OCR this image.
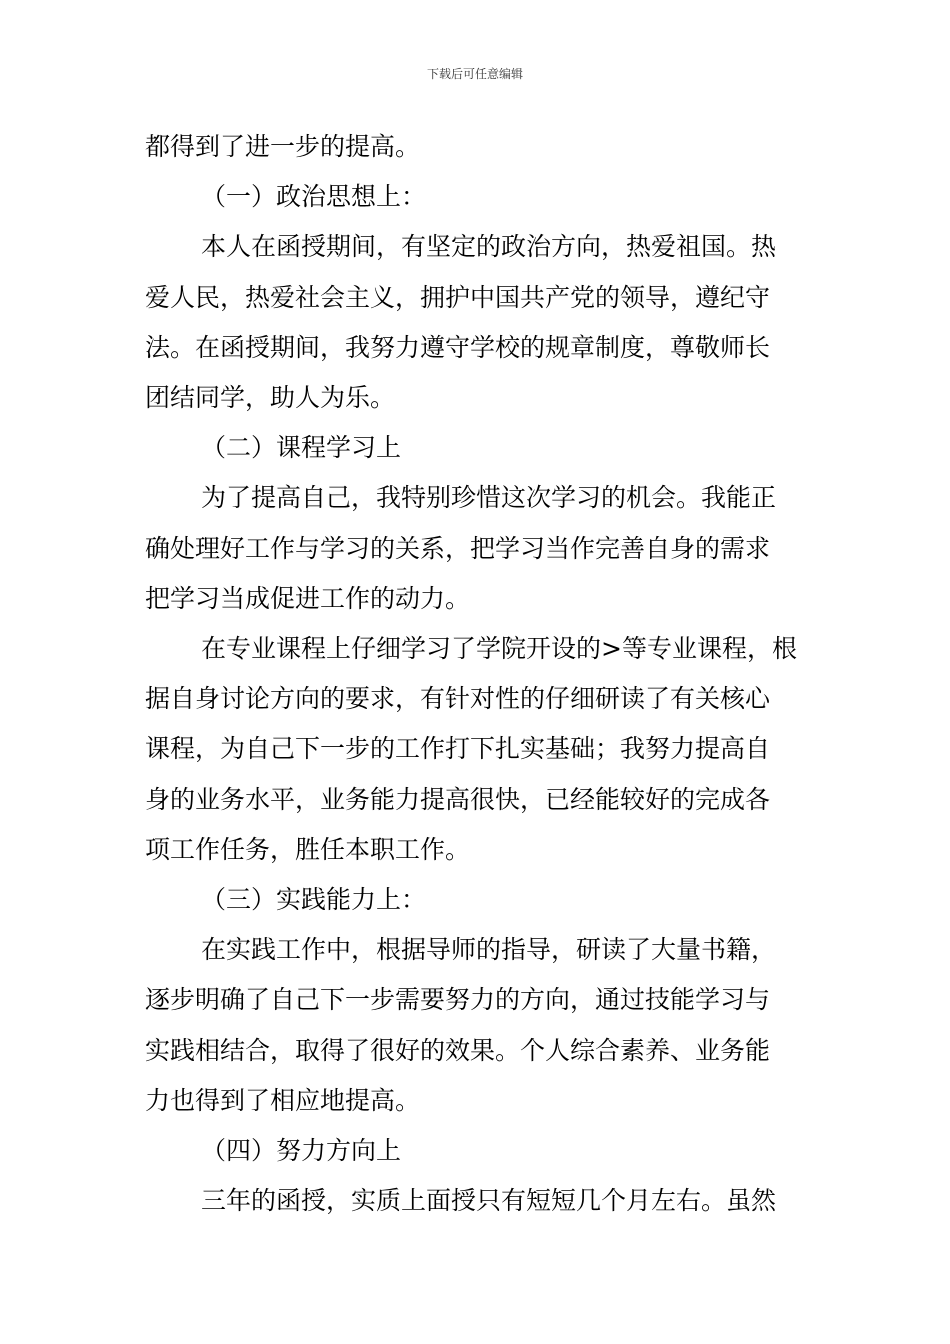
下载后可任意编辑

都得到了进一步的提高。

（一）政治思想上：

本人在函授期间，有坚定的政治方向，热爱祖国。热

爱人民，热爱社会主义，拥护中国共产党的领导，遵纪守

法。在函授期间，我努力遵守学校的规章制度，尊敬师长

团结同学，助人为乐。

（二）课程学习上

为了提高自己，我特别珍惜这次学习的机会。我能正

确处理好工作与学习的关系，把学习当作完善自身的需求

把学习当成促进工作的动力。

在专业课程上仔细学习了学院开设的>等专业课程，根

据自身讨论方向的要求，有针对性的仔细研读了有关核心

课程，为自己下一步的工作打下扎实基础；我努力提高自

身的业务水平，业务能力提高很快，已经能较好的完成各

项工作任务，胜任本职工作。

（三）实践能力上：

在实践工作中，根据导师的指导，研读了大量书籍，

逐步明确了自己下一步需要努力的方向，通过技能学习与

实践相结合，取得了很好的效果。个人综合素养、业务能

力也得到了相应地提高。

（四）努力方向上

三年的函授，实质上面授只有短短几个月左右。虽然
